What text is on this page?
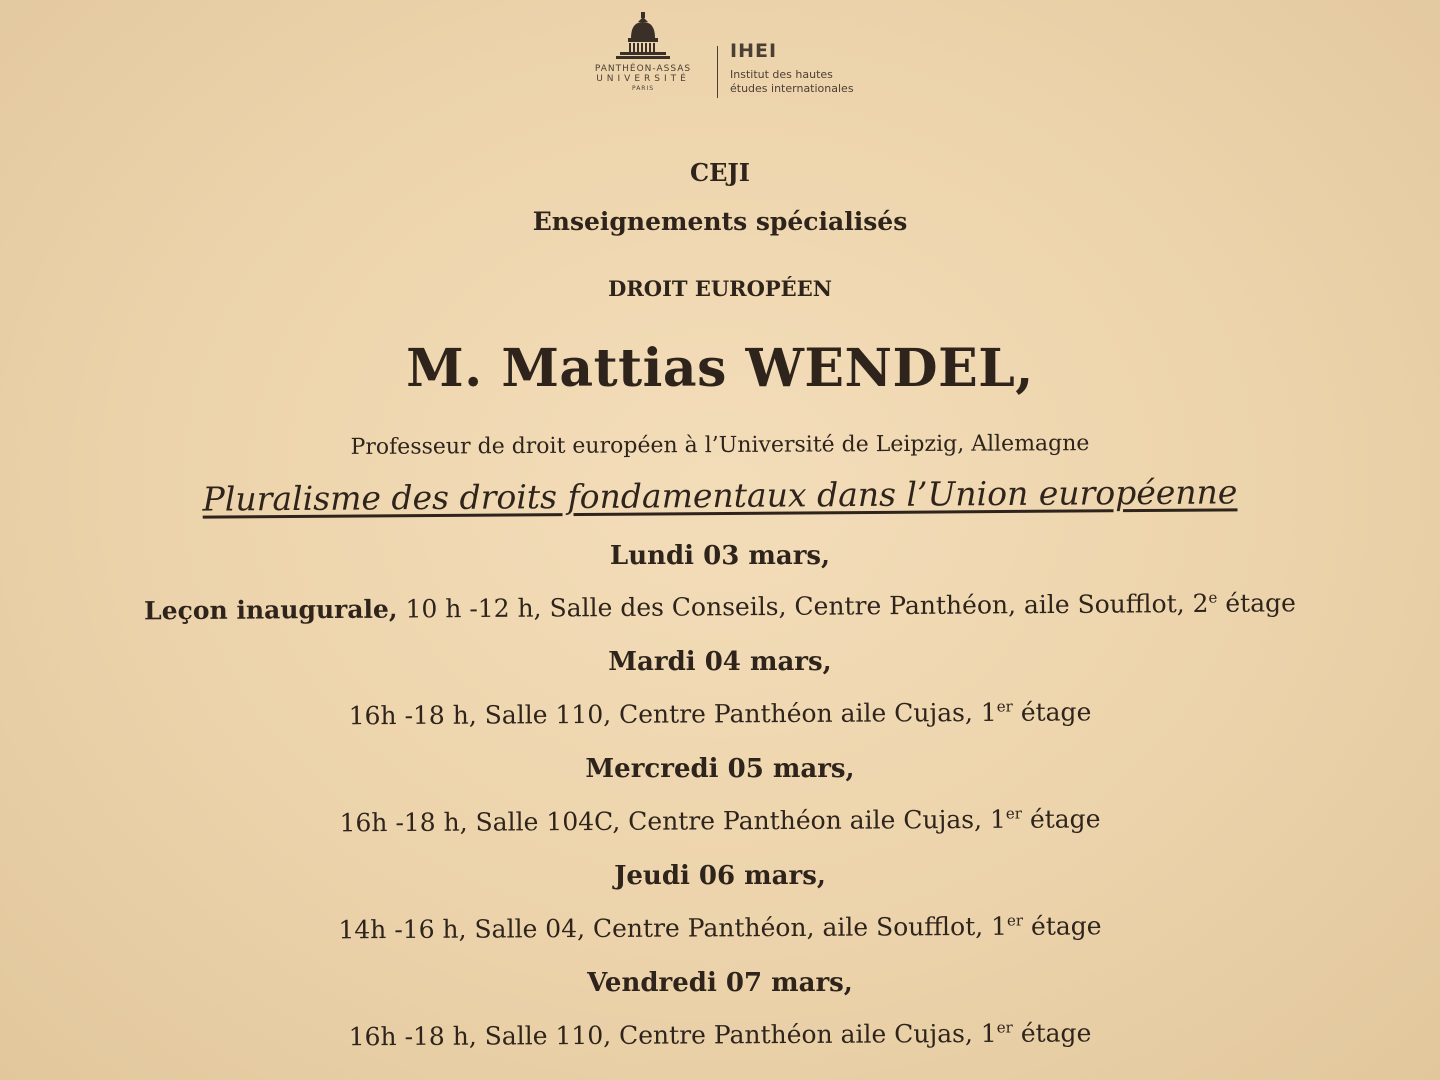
PANTHÉON-ASSAS
UNIVERSITÉ
PARIS
IHEI
Institut des hautes
études internationales
CEJI
Enseignements spécialisés
DROIT EUROPÉEN
M. Mattias WENDEL,
Professeur de droit européen à l’Université de Leipzig, Allemagne
Pluralisme des droits fondamentaux dans l’Union européenne
Lundi 03 mars,
Leçon inaugurale, 10 h -12 h, Salle des Conseils, Centre Panthéon, aile Soufflot, 2e étage
Mardi 04 mars,
16h -18 h, Salle 110, Centre Panthéon aile Cujas, 1er étage
Mercredi 05 mars,
16h -18 h, Salle 104C, Centre Panthéon aile Cujas, 1er étage
Jeudi 06 mars,
14h -16 h, Salle 04, Centre Panthéon, aile Soufflot, 1er étage
Vendredi 07 mars,
16h -18 h, Salle 110, Centre Panthéon aile Cujas, 1er étage
